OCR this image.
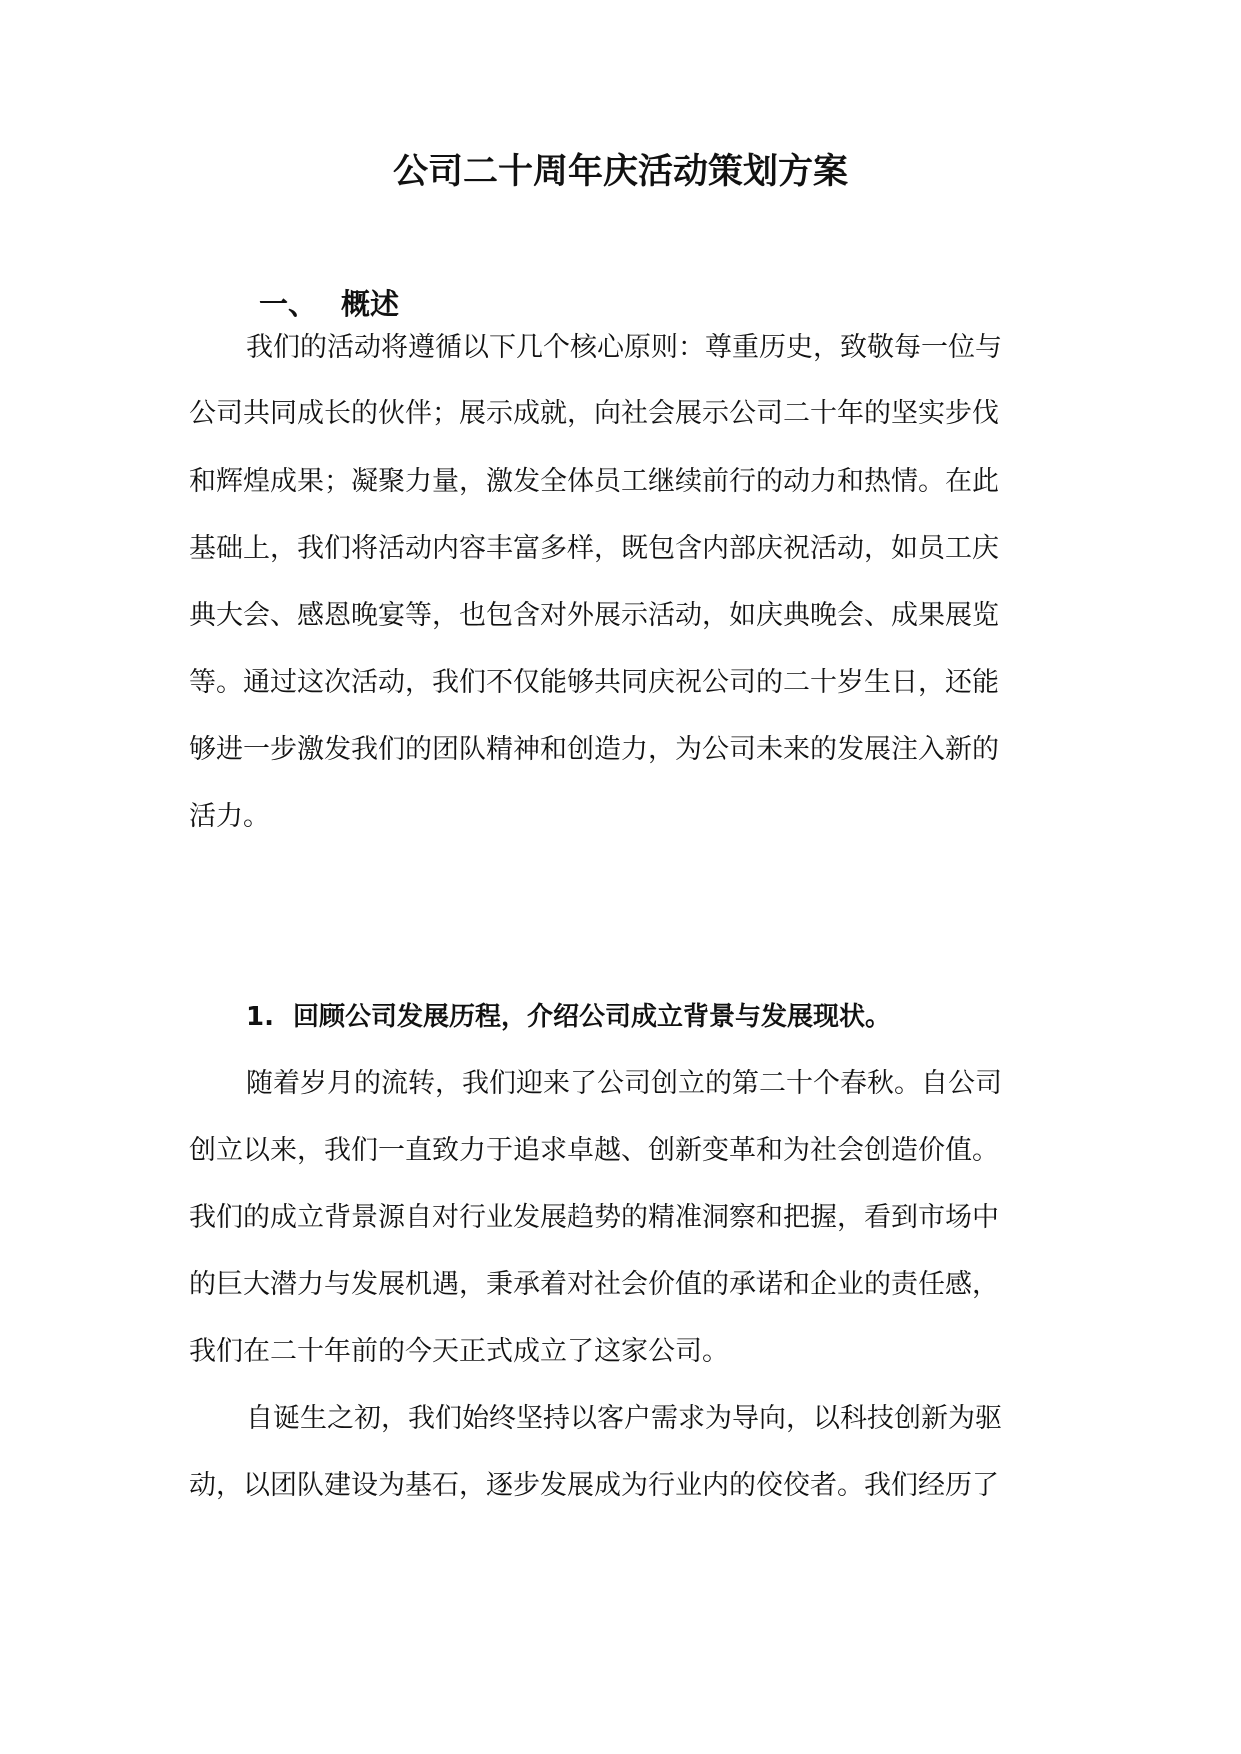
公司二十周年庆活动策划方案
一、 概述

我们的活动将遵循以下几个核心原则：尊重历史，致敬每一位与

公司共同成长的伙伴；展示成就，向社会展示公司二十年的坚实步伐

和辉煌成果；凝聚力量，激发全体员工继续前行的动力和热情。在此

基础上，我们将活动内容丰富多样，既包含内部庆祝活动，如员工庆

典大会、感恩晚宴等，也包含对外展示活动，如庆典晚会、成果展览

等。通过这次活动，我们不仅能够共同庆祝公司的二十岁生日，还能

够进一步激发我们的团队精神和创造力，为公司未来的发展注入新的

活力。

1. 回顾公司发展历程，介绍公司成立背景与发展现状。

随着岁月的流转，我们迎来了公司创立的第二十个春秋。自公司

创立以来，我们一直致力于追求卓越、创新变革和为社会创造价值。

我们的成立背景源自对行业发展趋势的精准洞察和把握，看到市场中

的巨大潜力与发展机遇，秉承着对社会价值的承诺和企业的责任感，

我们在二十年前的今天正式成立了这家公司。

自诞生之初，我们始终坚持以客户需求为导向，以科技创新为驱

动，以团队建设为基石，逐步发展成为行业内的佼佼者。我们经历了
